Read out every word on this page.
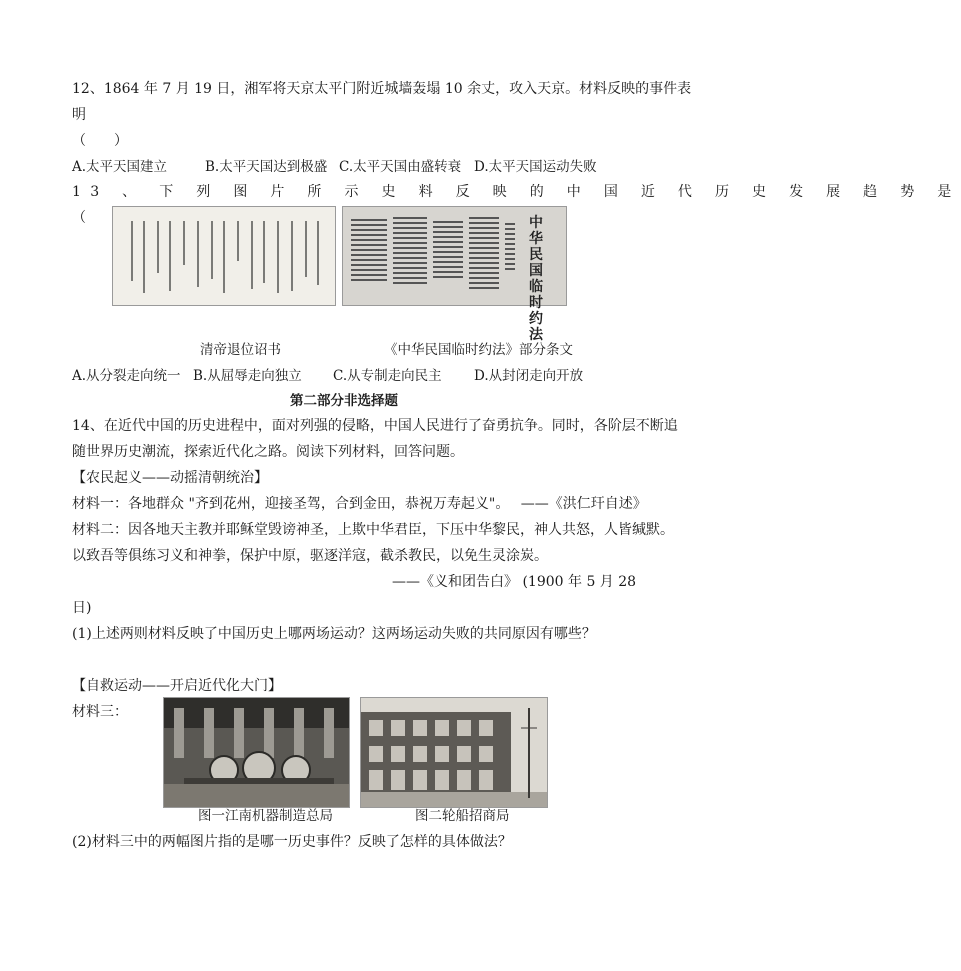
12、1864 年 7 月 19 日，湘军将天京太平门附近城墙轰塌 10 余丈，攻入天京。材料反映的事件表
明
（　　）
A.太平天国建立	B.太平天国达到极盛 C.太平天国由盛转衰 D.太平天国运动失败
13 、 下 列 图 片 所 示 史 料 反 映 的 中 国 近 代 历 史 发 展 趋 势 是
（	中华民国临时约法
清帝退位诏书	《中华民国临时约法》部分条文
A.从分裂走向统一 B.从屈辱走向独立 C.从专制走向民主 D.从封闭走向开放
第二部分非选择题
14、在近代中国的历史进程中，面对列强的侵略，中国人民进行了奋勇抗争。同时，各阶层不断追
随世界历史潮流，探索近代化之路。阅读下列材料，回答问题。
【农民起义——动摇清朝统治】
材料一：各地群众 "齐到花州，迎接圣驾，合到金田，恭祝万寿起义"。　 ——《洪仁玕自述》
材料二：因各地天主教并耶稣堂毁谤神圣，上欺中华君臣，下压中华黎民，神人共怒，人皆缄默。
以致吾等俱练习义和神拳，保护中原，驱逐洋寇，截杀教民，以免生灵涂炭。
——《义和团告白》 (1900 年 5 月 28
日)
(1)上述两则材料反映了中国历史上哪两场运动？这两场运动失败的共同原因有哪些？
【自救运动——开启近代化大门】
材料三：
图一江南机器制造总局	图二轮船招商局
(2)材料三中的两幅图片指的是哪一历史事件？反映了怎样的具体做法？
